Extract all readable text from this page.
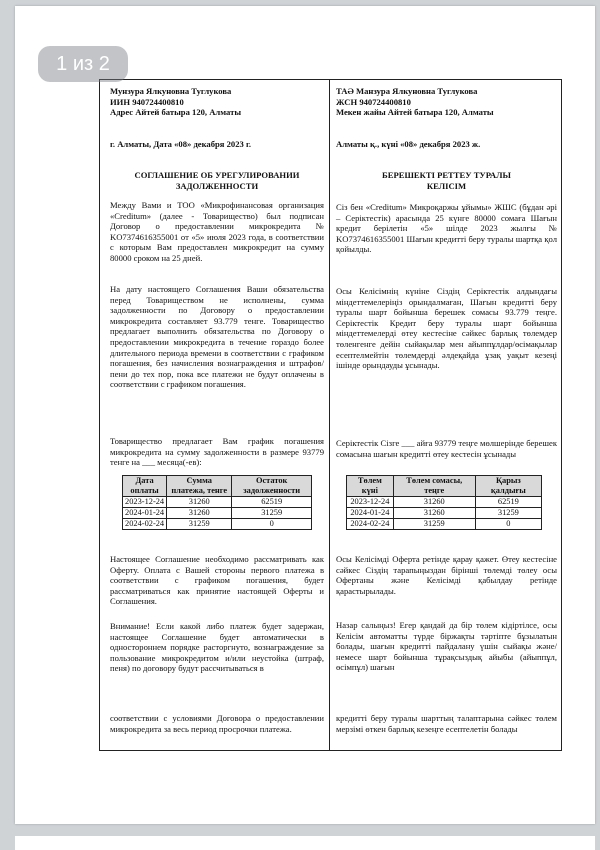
Мунзура Ялкуновна Туглукова

ИИН 940724400810

Адрес Айтей батыра 120, Алматы

г. Алматы, Дата «08» декабря 2023 г.

СОГЛАШЕНИЕ ОБ УРЕГУЛИРОВАНИИ

ЗАДОЛЖЕННОСТИ

Между Вами и ТОО «Микрофинансовая организация «Creditum» (далее - Товарищество) был подписан Договор о предоставлении микрокредита № KO7374616355001 от «5» июля 2023 года, в соответствии с которым Вам предоставлен микрокредит на сумму 80000 сроком на 25 дней.

На дату настоящего Соглашения Ваши обязательства перед Товариществом не исполнены, сумма задолженности по Договору о предоставлении микрокредита составляет 93.779 тенге. Товарищество предлагает выполнить обязательства по Договору о предоставлении микрокредита в течение гораздо более длительного периода времени в соответствии с графиком погашения, без начисления вознаграждения и штрафов/пени до тех пор, пока все платежи не будут оплачены в соответствии с графиком погашения.

Товарищество предлагает Вам график погашения микрокредита на сумму задолженности в размере 93779 тенге на ___ месяца(-ев):

Дата оплаты	Сумма платежа, тенге	Остаток задолженности
2023-12-24	31260	62519
2024-01-24	31260	31259
2024-02-24	31259	0

Настоящее Соглашение необходимо рассматривать как Оферту. Оплата с Вашей стороны первого платежа в соответствии с графиком погашения, будет рассматриваться как принятие настоящей Оферты и Соглашения.

Внимание! Если какой либо платеж будет задержан, настоящее Соглашение будет автоматически в одностороннем порядке расторгнуто, вознаграждение за пользование микрокредитом и/или неустойка (штраф, пеня) по договору будут рассчитываться в

соответствии с условиями Договора о предоставлении микрокредита за весь период просрочки платежа.

ТАӘ Манзура Ялкуновна Туглукова

ЖСН 940724400810

Мекен жайы Айтей батыра 120, Алматы

Алматы қ., күні «08» декабря 2023 ж.

БЕРЕШЕКТІ РЕТТЕУ ТУРАЛЫ

КЕЛІСІМ

Сіз бен «Creditum» Микроқаржы ұйымы» ЖШС (бұдан әрі – Серіктестік) арасында 25 күнге 80000 сомаға Шағын кредит берілетін «5» шілде 2023 жылғы № KO7374616355001 Шағын кредитті беру туралы шартқа қол қойылды.

Осы Келісімнің күніне Сіздің Серіктестік алдындағы міндеттемелеріңіз орындалмаған, Шағын кредитті беру туралы шарт бойынша берешек сомасы 93.779 теңге. Серіктестік Кредит беру туралы шарт бойынша міндеттемелерді өтеу кестесіне сәйкес барлық төлемдер төленгенге дейін сыйақылар мен айыппұлдар/өсімақылар есептелмейтін төлемдерді әлдеқайда ұзақ уақыт кезеңі ішінде орындауды ұсынады.

Серіктестік Сізге ___ айға 93779 теңге мөлшерінде берешек сомасына шағын кредитті өтеу кестесін ұсынады

Төлем күні	Төлем сомасы, теңге	Қарыз қалдығы
2023-12-24	31260	62519
2024-01-24	31260	31259
2024-02-24	31259	0

Осы Келісімді Оферта ретінде қарау қажет. Өтеу кестесіне сәйкес Сіздің тарапыңыздан бірінші төлемді төлеу осы Офертаны және Келісімді қабылдау ретінде қарастырылады.

Назар салыңыз! Егер қандай да бір төлем кідіртілсе, осы Келісім автоматты түрде біржақты тәртіпте бұзылатын болады, шағын кредитті пайдалану үшін сыйақы және/немесе шарт бойынша тұрақсыздық айыбы (айыппұл, өсімпұл) шағын

кредитті беру туралы шарттың талаптарына сәйкес төлем мерзімі өткен барлық кезеңге есептелетін болады

1 из 2
